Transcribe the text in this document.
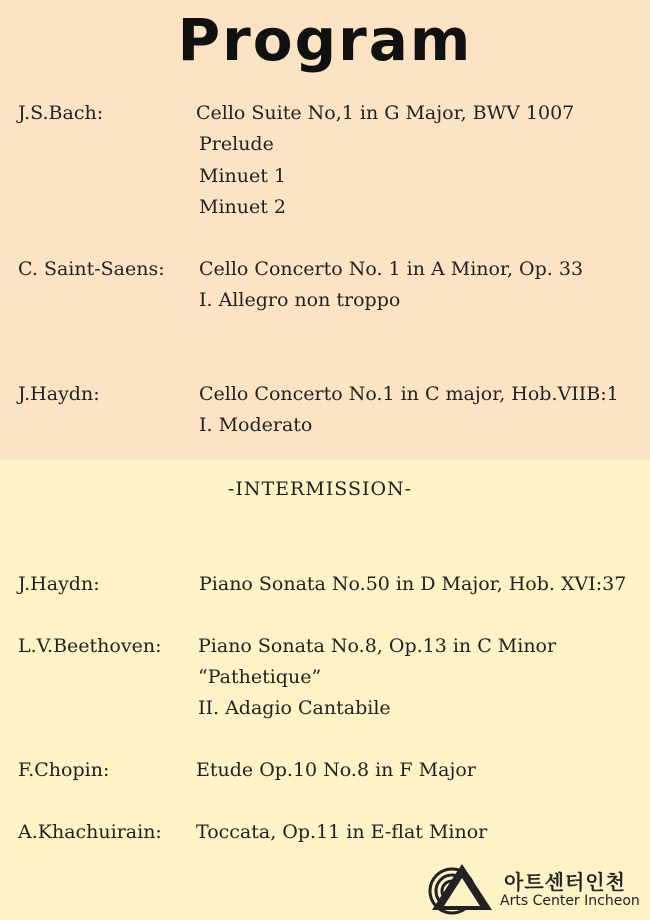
Program
J.S.Bach:	Cello Suite No,1 in G Major, BWV 1007
Prelude
Minuet 1
Minuet 2
C. Saint-Saens: Cello Concerto No. 1 in A Minor, Op. 33
I. Allegro non troppo
J.Haydn:	Cello Concerto No.1 in C major, Hob.VIIB:1
I. Moderato
-INTERMISSION-
J.Haydn:	Piano Sonata No.50 in D Major, Hob. XVI:37
L.V.Beethoven: Piano Sonata No.8, Op.13 in C Minor
“Pathetique”
II. Adagio Cantabile
F.Chopin:	Etude Op.10 No.8 in F Major
A.Khachuirain: Toccata, Op.11 in E-flat Minor
아트센터인천
Arts Center Incheon
